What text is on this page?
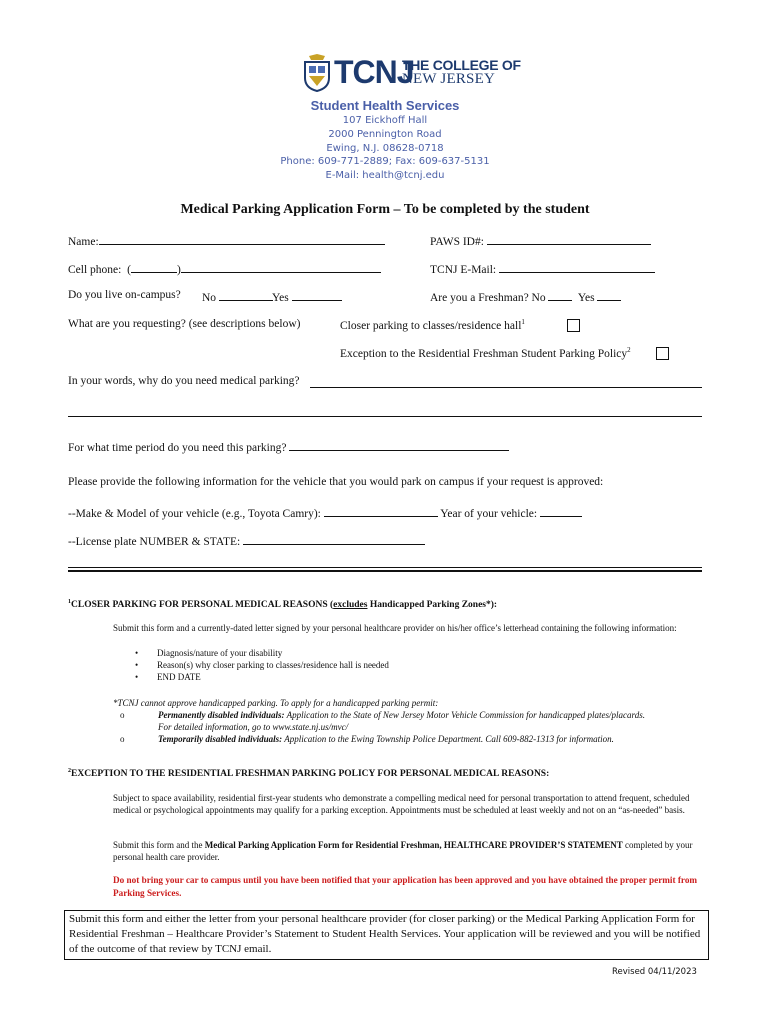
TCNJ
THE COLLEGE OF
NEW JERSEY
Student Health Services
107 Eickhoff Hall
2000 Pennington Road
Ewing, N.J. 08628-0718
Phone: 609-771-2889; Fax: 609-637-5131
E-Mail: health@tcnj.edu
Medical Parking Application Form – To be completed by the student
Name:	PAWS ID#:
Cell phone:  (	)	TCNJ E-Mail:
Do you live on-campus? No	Yes	Are you a Freshman? No	Yes
What are you requesting? (see descriptions below)	Closer parking to classes/residence hall$^1$
Exception to the Residential Freshman Student Parking Policy$^2$
In your words, why do you need medical parking?
For what time period do you need this parking?
Please provide the following information for the vehicle that you would park on campus if your request is approved:
--Make & Model of your vehicle (e.g., Toyota Camry):	Year of your vehicle:
--License plate NUMBER & STATE:
$^1$CLOSER PARKING FOR PERSONAL MEDICAL REASONS (excludes Handicapped Parking Zones*):
Submit this form and a currently-dated letter signed by your personal healthcare provider on his/her office’s letterhead containing the following information:
• Diagnosis/nature of your disability
• Reason(s) why closer parking to classes/residence hall is needed
• END DATE
*TCNJ cannot approve handicapped parking. To apply for a handicapped parking permit:
o	Permanently disabled individuals: Application to the State of New Jersey Motor Vehicle Commission for handicapped plates/placards. For detailed information, go to www.state.nj.us/mvc/
o	Temporarily disabled individuals: Application to the Ewing Township Police Department. Call 609-882-1313 for information.
$^2$EXCEPTION TO THE RESIDENTIAL FRESHMAN PARKING POLICY FOR PERSONAL MEDICAL REASONS:
Subject to space availability, residential first-year students who demonstrate a compelling medical need for personal transportation to attend frequent, scheduled medical or psychological appointments may qualify for a parking exception. Appointments must be scheduled at least weekly and not on an “as-needed” basis.
Submit this form and the Medical Parking Application Form for Residential Freshman, HEALTHCARE PROVIDER’S STATEMENT completed by your personal health care provider.
Do not bring your car to campus until you have been notified that your application has been approved and you have obtained the proper permit from Parking Services.
Submit this form and either the letter from your personal healthcare provider (for closer parking) or the Medical Parking Application Form for Residential Freshman – Healthcare Provider’s Statement to Student Health Services. Your application will be reviewed and you will be notified of the outcome of that review by TCNJ email.
Revised 04/11/2023
